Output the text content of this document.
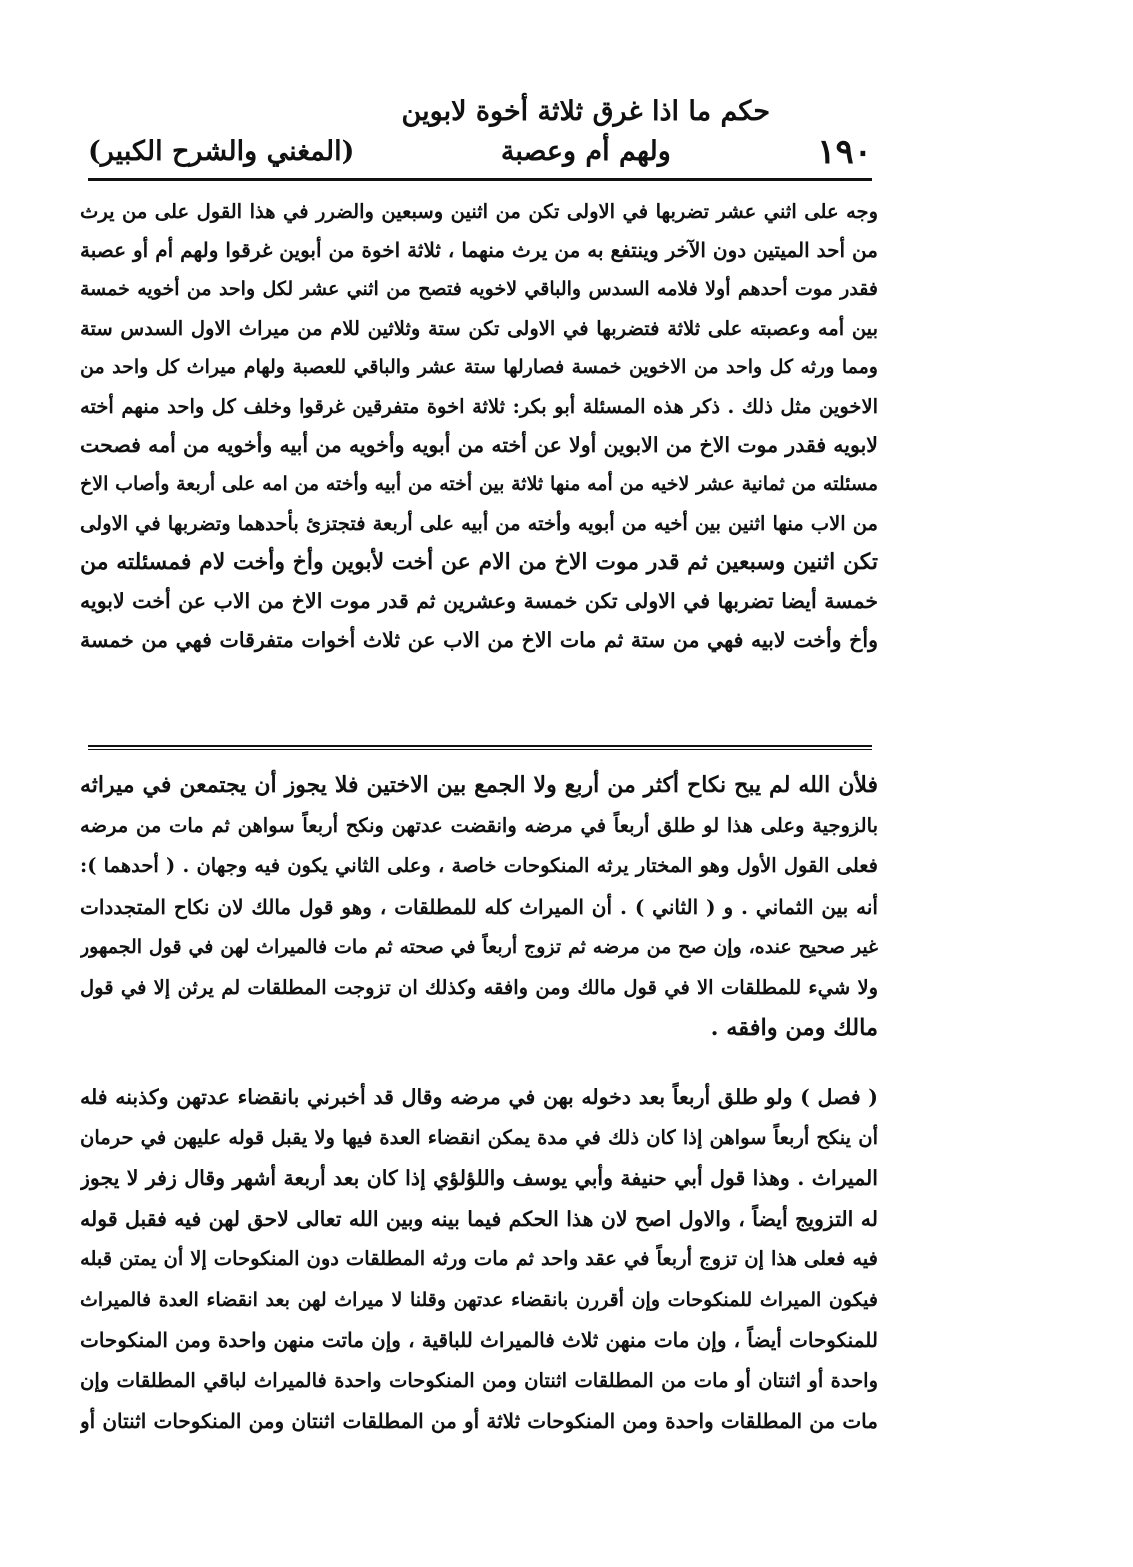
١٩٠
حكم ما اذا غرق ثلاثة أخوة لابوين ولهم أم وعصبة
(المغني والشرح الكبير)
وجه على اثني عشر تضربها في الاولى تكن من اثنين وسبعين والضرر في هذا القول على من يرث
من أحد الميتين دون الآخر وينتفع به من يرث منهما ، ثلاثة اخوة من أبوين غرقوا ولهم أم أو عصبة
فقدر موت أحدهم أولا فلامه السدس والباقي لاخويه فتصح من اثني عشر لكل واحد من أخويه خمسة
بين أمه وعصبته على ثلاثة فتضربها في الاولى تكن ستة وثلاثين للام من ميراث الاول السدس ستة
ومما ورثه كل واحد من الاخوين خمسة فصارلها ستة عشر والباقي للعصبة ولهام ميراث كل واحد من
الاخوين مثل ذلك . ذكر هذه المسئلة أبو بكر: ثلاثة اخوة متفرقين غرقوا وخلف كل واحد منهم أخته
لابويه فقدر موت الاخ من الابوين أولا عن أخته من أبويه وأخويه من أبيه وأخويه من أمه فصحت
مسئلته من ثمانية عشر لاخيه من أمه منها ثلاثة بين أخته من أبيه وأخته من امه على أربعة وأصاب الاخ
من الاب منها اثنين بين أخيه من أبويه وأخته من أبيه على أربعة فتجتزئ بأحدهما وتضربها في الاولى
تكن اثنين وسبعين ثم قدر موت الاخ من الام عن أخت لأبوين وأخ وأخت لام فمسئلته من
خمسة أيضا تضربها في الاولى تكن خمسة وعشرين ثم قدر موت الاخ من الاب عن أخت لابويه
وأخ وأخت لابيه فهي من ستة ثم مات الاخ من الاب عن ثلاث أخوات متفرقات فهي من خمسة
فلأن الله لم يبح نكاح أكثر من أربع ولا الجمع بين الاختين فلا يجوز أن يجتمعن في ميراثه
بالزوجية وعلى هذا لو طلق أربعاً في مرضه وانقضت عدتهن ونكح أربعاً سواهن ثم مات من مرضه
فعلى القول الأول وهو المختار يرثه المنكوحات خاصة ، وعلى الثاني يكون فيه وجهان . ( أحدهما ):
أنه بين الثماني . و ( الثاني ) . أن الميراث كله للمطلقات ، وهو قول مالك لان نكاح المتجددات
غير صحيح عنده، وإن صح من مرضه ثم تزوج أربعاً في صحته ثم مات فالميراث لهن في قول الجمهور
ولا شيء للمطلقات الا في قول مالك ومن وافقه وكذلك ان تزوجت المطلقات لم يرثن إلا في قول
مالك ومن وافقه .
( فصل ) ولو طلق أربعاً بعد دخوله بهن في مرضه وقال قد أخبرني بانقضاء عدتهن وكذبنه فله
أن ينكح أربعاً سواهن إذا كان ذلك في مدة يمكن انقضاء العدة فيها ولا يقبل قوله عليهن في حرمان
الميراث . وهذا قول أبي حنيفة وأبي يوسف واللؤلؤي إذا كان بعد أربعة أشهر وقال زفر لا يجوز
له التزويج أيضاً ، والاول اصح لان هذا الحكم فيما بينه وبين الله تعالى لاحق لهن فيه فقبل قوله
فيه فعلى هذا إن تزوج أربعاً في عقد واحد ثم مات ورثه المطلقات دون المنكوحات إلا أن يمتن قبله
فيكون الميراث للمنكوحات وإن أقررن بانقضاء عدتهن وقلنا لا ميراث لهن بعد انقضاء العدة فالميراث
للمنكوحات أيضاً ، وإن مات منهن ثلاث فالميراث للباقية ، وإن ماتت منهن واحدة ومن المنكوحات
واحدة أو اثنتان أو مات من المطلقات اثنتان ومن المنكوحات واحدة فالميراث لباقي المطلقات وإن
مات من المطلقات واحدة ومن المنكوحات ثلاثة أو من المطلقات اثنتان ومن المنكوحات اثنتان أو
